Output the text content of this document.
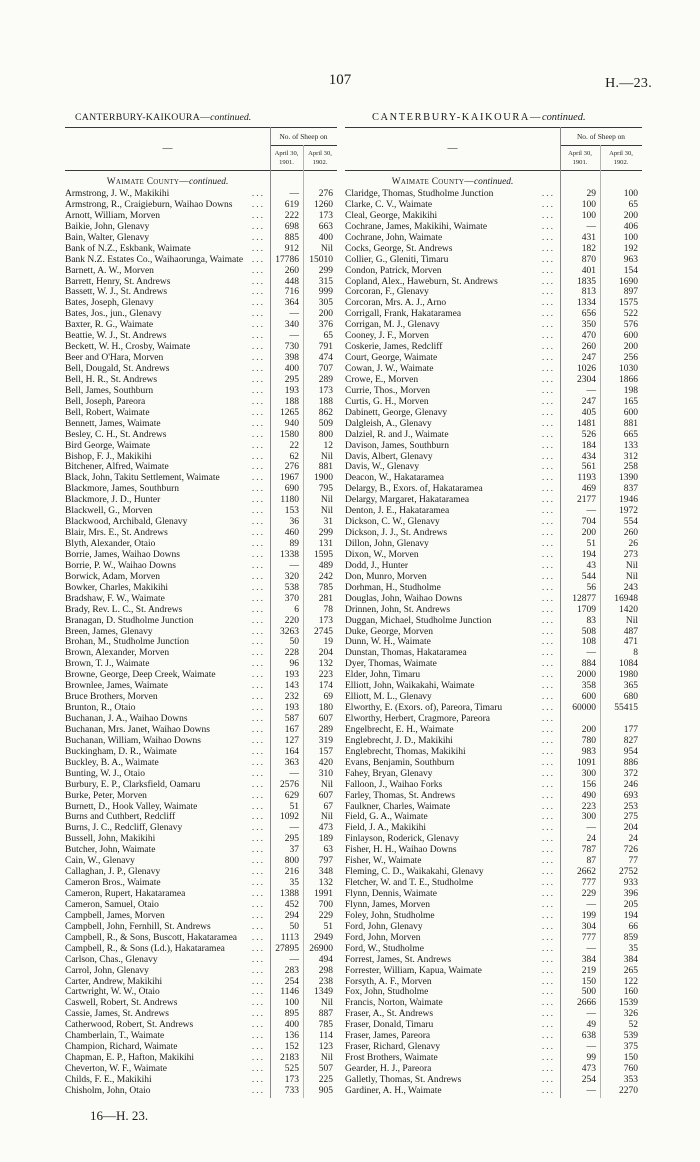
107	H.—23.
CANTERBURY-KAIKOURA—continued.
—
No. of Sheep on
April 30,
1901.
April 30,
1902.
Waimate County—continued.
Armstrong, J. W., Makikihi ...	—	276
Armstrong, R., Craigieburn, Waihao Downs ...	619	1260
Arnott, William, Morven ...	222	173
Baikie, John, Glenavy ...	698	663
Bain, Walter, Glenavy ...	885	400
Bank of N.Z., Eskbank, Waimate ...	912	Nil
Bank N.Z. Estates Co., Waihaorunga, Waimate ...	17786	15010
Barnett, A. W., Morven ...	260	299
Barrett, Henry, St. Andrews ...	448	315
Bassett, W. J., St. Andrews ...	716	999
Bates, Joseph, Glenavy ...	364	305
Bates, Jos., jun., Glenavy ...	—	200
Baxter, R. G., Waimate ...	340	376
Beattie, W. J., St. Andrews ...	—	65
Beckett, W. H., Crosby, Waimate ...	730	791
Beer and O'Hara, Morven ...	398	474
Bell, Dougald, St. Andrews ...	400	707
Bell, H. R., St. Andrews ...	295	289
Bell, James, Southburn ...	193	173
Bell, Joseph, Pareora ...	188	188
Bell, Robert, Waimate ...	1265	862
Bennett, James, Waimate ...	940	509
Besley, C. H., St. Andrews ...	1580	800
Bird George, Waimate ...	22	12
Bishop, F. J., Makikihi ...	62	Nil
Bitchener, Alfred, Waimate ...	276	881
Black, John, Takitu Settlement, Waimate ...	1967	1900
Blackmore, James, Southburn ...	690	795
Blackmore, J. D., Hunter ...	1180	Nil
Blackwell, G., Morven ...	153	Nil
Blackwood, Archibald, Glenavy ...	36	31
Blair, Mrs. E., St. Andrews ...	460	299
Blyth, Alexander, Otaio ...	89	131
Borrie, James, Waihao Downs ...	1338	1595
Borrie, P. W., Waihao Downs ...	—	489
Borwick, Adam, Morven ...	320	242
Bowker, Charles, Makikihi ...	538	785
Bradshaw, F. W., Waimate ...	370	281
Brady, Rev. L. C., St. Andrews ...	6	78
Branagan, D. Studholme Junction ...	220	173
Breen, James, Glenavy ...	3263	2745
Brohan, M., Studholme Junction ...	50	19
Brown, Alexander, Morven ...	228	204
Brown, T. J., Waimate ...	96	132
Browne, George, Deep Creek, Waimate ...	193	223
Brownlee, James, Waimate ...	143	174
Bruce Brothers, Morven ...	232	69
Brunton, R., Otaio ...	193	180
Buchanan, J. A., Waihao Downs ...	587	607
Buchanan, Mrs. Janet, Waihao Downs ...	167	289
Buchanan, William, Waihao Downs ...	127	319
Buckingham, D. R., Waimate ...	164	157
Buckley, B. A., Waimate ...	363	420
Bunting, W. J., Otaio ...	—	310
Burbury, E. P., Clarksfield, Oamaru ...	2576	Nil
Burke, Peter, Morven ...	629	607
Burnett, D., Hook Valley, Waimate ...	51	67
Burns and Cuthbert, Redcliff ...	1092	Nil
Burns, J. C., Redcliff, Glenavy ...	—	473
Bussell, John, Makikihi ...	295	189
Butcher, John, Waimate ...	37	63
Cain, W., Glenavy ...	800	797
Callaghan, J. P., Glenavy ...	216	348
Cameron Bros., Waimate ...	35	132
Cameron, Rupert, Hakataramea ...	1388	1991
Cameron, Samuel, Otaio ...	452	700
Campbell, James, Morven ...	294	229
Campbell, John, Fernhill, St. Andrews ...	50	51
Campbell, R., & Sons, Buscott, Hakataramea ...	1113	2949
Campbell, R., & Sons (Ld.), Hakataramea ...	27895	26900
Carlson, Chas., Glenavy ...	—	494
Carrol, John, Glenavy ...	283	298
Carter, Andrew, Makikihi ...	254	238
Cartwright, W. W., Otaio ...	1146	1349
Caswell, Robert, St. Andrews ...	100	Nil
Cassie, James, St. Andrews ...	895	887
Catherwood, Robert, St. Andrews ...	400	785
Chamberlain, T., Waimate ...	136	114
Champion, Richard, Waimate ...	152	123
Chapman, E. P., Hafton, Makikihi ...	2183	Nil
Cheverton, W. F., Waimate ...	525	507
Childs, F. E., Makikihi ...	173	225
Chisholm, John, Otaio ...	733	905
CANTERBURY-KAIKOURA—continued.
—
No. of Sheep on
April 30,
1901.
April 30,
1902.
Waimate County—continued.
Claridge, Thomas, Studholme Junction ...	29	100
Clarke, C. V., Waimate ...	100	65
Cleal, George, Makikihi ...	100	200
Cochrane, James, Makikihi, Waimate ...	—	406
Cochrane, John, Waimate ...	431	100
Cocks, George, St. Andrews ...	182	192
Collier, G., Gleniti, Timaru ...	870	963
Condon, Patrick, Morven ...	401	154
Copland, Alex., Haweburn, St. Andrews ...	1835	1690
Corcoran, F., Glenavy ...	813	897
Corcoran, Mrs. A. J., Arno ...	1334	1575
Corrigall, Frank, Hakataramea ...	656	522
Corrigan, M. J., Glenavy ...	350	576
Cooney, J. F., Morven ...	470	600
Coskerie, James, Redcliff ...	260	200
Court, George, Waimate ...	247	256
Cowan, J. W., Waimate ...	1026	1030
Crowe, E., Morven ...	2304	1866
Currie, Thos., Morven ...	—	198
Curtis, G. H., Morven ...	247	165
Dabinett, George, Glenavy ...	405	600
Dalgleish, A., Glenavy ...	1481	881
Dalziel, R. and J., Waimate ...	526	665
Davison, James, Southburn ...	184	133
Davis, Albert, Glenavy ...	434	312
Davis, W., Glenavy ...	561	258
Deacon, W., Hakataramea ...	1193	1390
Delargy, B., Exors. of, Hakataramea ...	469	837
Delargy, Margaret, Hakataramea ...	2177	1946
Denton, J. E., Hakataramea ...	—	1972
Dickson, C. W., Glenavy ...	704	554
Dickson, J. J., St. Andrews ...	200	260
Dillon, John, Glenavy ...	51	26
Dixon, W., Morven ...	194	273
Dodd, J., Hunter ...	43	Nil
Don, Munro, Morven ...	544	Nil
Dorhman, H., Studholme ...	56	243
Douglas, John, Waihao Downs ...	12877	16948
Drinnen, John, St. Andrews ...	1709	1420
Duggan, Michael, Studholme Junction ...	83	Nil
Duke, George, Morven ...	508	487
Dunn, W. H., Waimate ...	108	471
Dunstan, Thomas, Hakataramea ...	—	8
Dyer, Thomas, Waimate ...	884	1084
Elder, John, Timaru ...	2000	1980
Elliott, John, Waikakahi, Waimate ...	358	365
Elliott, M. L., Glenavy ...	600	680
Elworthy, E. (Exors. of), Pareora, Timaru ...	60000	55415
Elworthy, Herbert, Cragmore, Pareora
...
Engelbrecht, E. H., Waimate ...	200	177
Englebrecht, J. D., Makikihi ...	780	827
Englebrecht, Thomas, Makikihi ...	983	954
Evans, Benjamin, Southburn ...	1091	886
Fahey, Bryan, Glenavy ...	300	372
Falloon, J., Waihao Forks ...	156	246
Farley, Thomas, St. Andrews ...	490	693
Faulkner, Charles, Waimate ...	223	253
Field, G. A., Waimate ...	300	275
Field, J. A., Makikihi ...	—	204
Finlayson, Roderick, Glenavy ...	24	24
Fisher, H. H., Waihao Downs ...	787	726
Fisher, W., Waimate ...	87	77
Fleming, C. D., Waikakahi, Glenavy ...	2662	2752
Fletcher, W. and T. E., Studholme ...	777	933
Flynn, Dennis, Waimate ...	229	396
Flynn, James, Morven ...	—	205
Foley, John, Studholme ...	199	194
Ford, John, Glenavy ...	304	66
Ford, John, Morven ...	777	859
Ford, W., Studholme ...	—	35
Forrest, James, St. Andrews ...	384	384
Forrester, William, Kapua, Waimate ...	219	265
Forsyth, A. F., Morven ...	150	122
Fox, John, Studholme ...	500	160
Francis, Norton, Waimate ...	2666	1539
Fraser, A., St. Andrews ...	—	326
Fraser, Donald, Timaru ...	49	52
Fraser, James, Pareora ...	638	539
Fraser, Richard, Glenavy ...	—	375
Frost Brothers, Waimate ...	99	150
Gearder, H. J., Pareora ...	473	760
Galletly, Thomas, St. Andrews ...	254	353
Gardiner, A. H., Waimate ...	—	2270
16—H. 23.
